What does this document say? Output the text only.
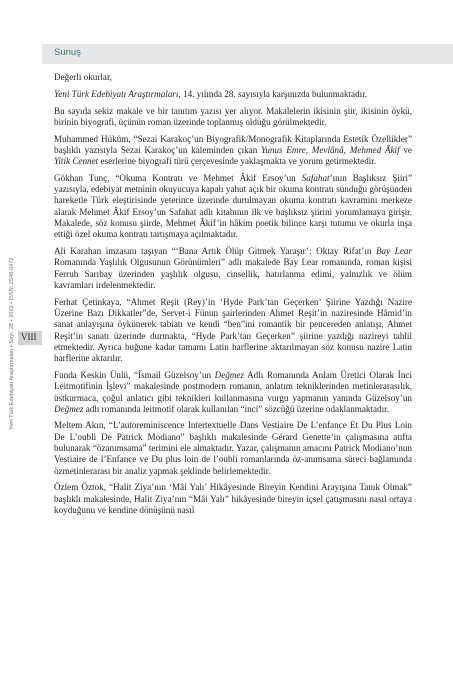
Sunuş
Yeni Türk Edebiyatı Araştırmaları • Sayı: 28 • 2022 • ISSN: 2548-0472 VIII

Değerli okurlar,

Yeni Türk Edebiyatı Araştırmaları, 14. yılında 28. sayısıyla karşınızda bulunmaktadır.

Bu sayıda sekiz makale ve bir tanıtım yazısı yer alıyor. Makalelerin ikisinin şiir, ikisinin öykü, birinin biyografi, üçünün roman üzerinde toplanmış olduğu görülmektedir.

Muhammed Hüküm, “Sezai Karakoç’un Biyografik/Monografik Kitaplarında Estetik Özellikler” başlıklı yazısıyla Sezai Karakoç’un kaleminden çıkan Yunus Emre, Mevlânâ, Mehmed Âkif ve Yitik Cennet eserlerine biyografi türü çerçevesinde yaklaşmakta ve yorum getirmektedir.

Gökhan Tunç, “Okuma Kontratı ve Mehmet Âkif Ersoy’un Safahat’ının Başlıksız Şiiri” yazısıyla, edebiyat metninin okuyucuya kapalı yahut açık bir okuma kontratı sunduğu görüşünden hareketle Türk eleştirisinde yeterince üzerinde durulmayan okuma kontratı kavramını merkeze alarak Mehmet Âkif Ersoy’un Safahat adlı kitabının ilk ve başlıksız şiirini yorumlamaya girişir. Makalede, söz konusu şiirde, Mehmet Âkif’in hâkim poetik bilince karşı tutumu ve okurla inşa ettiği özel okuma kontratı tartışmaya açılmaktadır.

Ali Karahan imzasını taşıyan “‘Bana Artık Ölüp Gitmek Yaraşır’: Oktay Rifat’ın Bay Lear Romanında Yaşlılık Olgusunun Görünümleri” adlı makalede Bay Lear romanında, roman kişisi Ferruh Sarıbay üzerinden yaşlılık olgusu, cinsellik, hatırlanma edimi, yalnızlık ve ölüm kavramları irdelenmektedir.

Ferhat Çetinkaya, “Ahmet Reşit (Rey)’in ‘Hyde Park’tan Geçerken’ Şiirine Yazdığı Nazire Üzerine Bazı Dikkatler”de, Servet-i Fünun şairlerinden Ahmet Reşit’in naziresinde Hâmid’in sanat anlayışına öykünerek tabiatı ve kendi “ben”ini romantik bir pencereden anlatışı, Ahmet Reşit’in sanatı üzerinde durmakta, “Hyde Park’tan Geçerken” şiirine yazdığı nazireyi tahlil etmektedir. Ayrıca buğune kadar tamamı Latin harflerine aktarılmayan söz konusu nazire Latin harflerine aktarılır.

Funda Keskin Ünlü, “İsmail Güzelsoy’un Değmez Adlı Romanında Anlam Üretici Olarak İnci Leitmotifinin İşlevi” makalesinde postmodern romanın, anlatım tekniklerinden metinlerarasılık, üstkurmaca, çoğul anlatıcı gibi teknikleri kullanmasına vurgu yapmanın yanında Güzelsoy’un Değmez adlı romanında leitmotif olarak kullanılan “inci” sözcüğü üzerine odaklanmaktadır.

Meltem Akın, “L’autoreminiscence Intertextuelle Dans Vestiaire De L’enfance Et Du Plus Loin De L’oubli De Patrick Modiano” başlıklı makalesinde Gérard Genette’in çalışmasına atıfta bulunarak “özanımsama” terimini ele almaktadır. Yazar, çalışmanın amacını Patrick Modiano’nun Vestiaire de l’Enfance ve Du plus loin de l’oubli romanlarında öz-anımsama süreci bağlamında özmetinlerarası bir analiz yapmak şeklinde belirlemektedir.

Özlem Öztok, “Halit Ziya’nın ‘Mâi Yalı’ Hikâyesinde Bireyin Kendini Arayışına Tanık Olmak” başlıklı makalesinde, Halit Ziya’nın “Mâi Yalı” hikâyesinde bireyin içsel çatışmasını nasıl ortaya koyduğunu ve kendine dönüşünü nasıl
